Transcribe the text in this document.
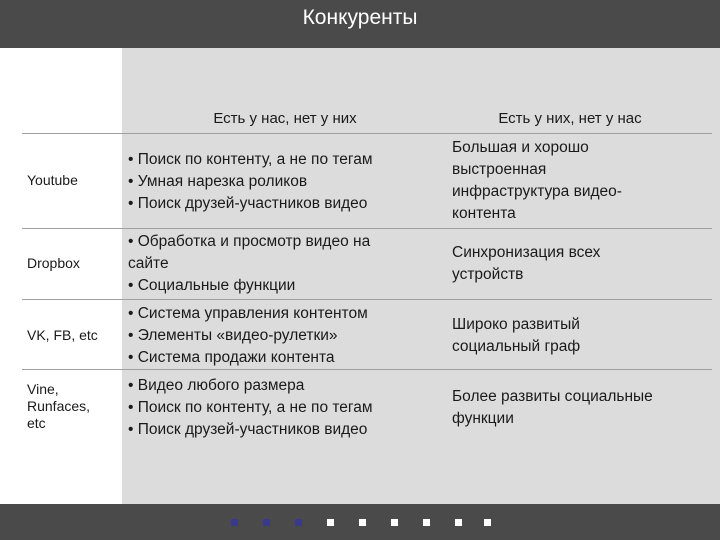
Конкуренты
Есть у нас, нет у них	Есть у них, нет у нас
Youtube
• Поиск по контенту, а не по тегам
• Умная нарезка роликов
• Поиск друзей-участников видео
Большая и хорошо
выстроенная
инфраструктура видео-
контента
Dropbox
• Обработка и просмотр видео на
сайте
• Социальные функции
Синхронизация всех
устройств
VK, FB, etc
• Система управления контентом
• Элементы «видео-рулетки»
• Система продажи контента
Широко развитый
социальный граф
Vine,
Runfaces,
etc
• Видео любого размера
• Поиск по контенту, а не по тегам
• Поиск друзей-участников видео
Более развиты социальные
функции
